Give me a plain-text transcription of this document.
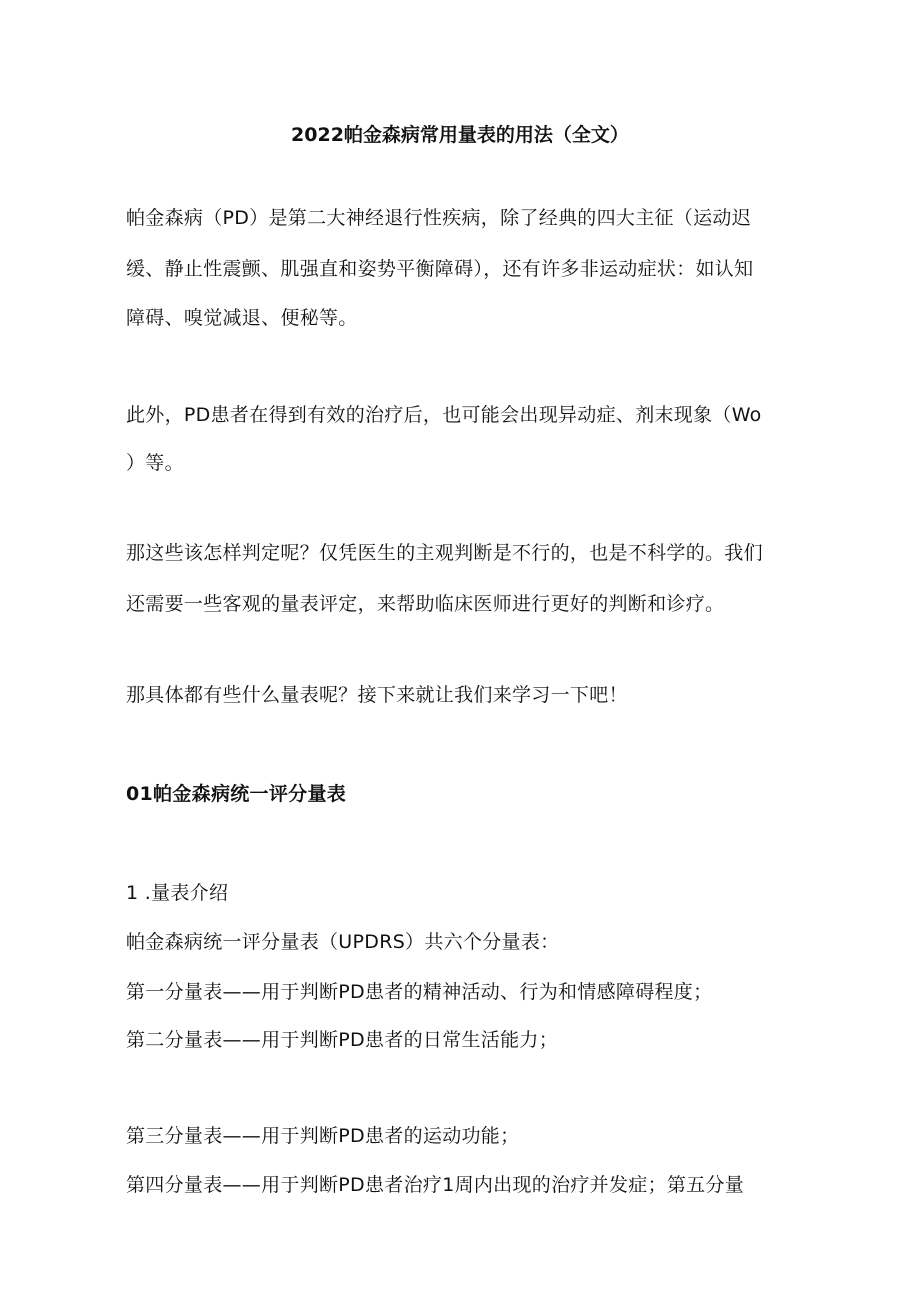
2022帕金森病常用量表的用法（全文）
帕金森病（PD）是第二大神经退行性疾病，除了经典的四大主征（运动迟
缓、静止性震颤、肌强直和姿势平衡障碍），还有许多非运动症状：如认知
障碍、嗅觉减退、便秘等。
此外，PD患者在得到有效的治疗后，也可能会出现异动症、剂末现象（Wo
）等。
那这些该怎样判定呢？仅凭医生的主观判断是不行的，也是不科学的。我们
还需要一些客观的量表评定，来帮助临床医师进行更好的判断和诊疗。
那具体都有些什么量表呢？接下来就让我们来学习一下吧！
01帕金森病统一评分量表
1 .量表介绍
帕金森病统一评分量表（UPDRS）共六个分量表：
第一分量表——用于判断PD患者的精神活动、行为和情感障碍程度；
第二分量表——用于判断PD患者的日常生活能力；
第三分量表——用于判断PD患者的运动功能；
第四分量表——用于判断PD患者治疗1周内出现的治疗并发症；第五分量
